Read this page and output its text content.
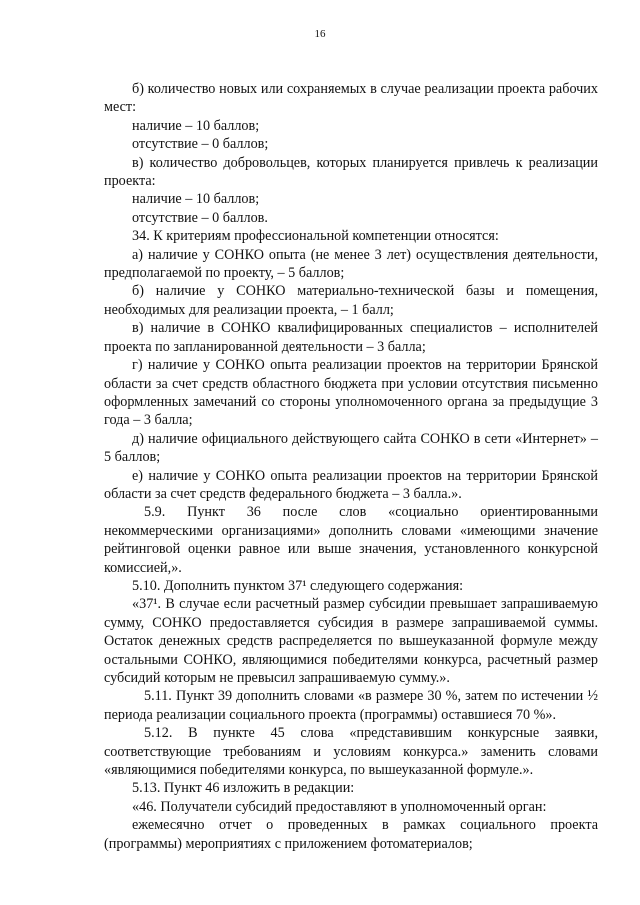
16

б) количество новых или сохраняемых в случае реализации проекта рабочих мест:

наличие – 10 баллов;

отсутствие – 0 баллов;

в) количество добровольцев, которых планируется привлечь к реализации проекта:

наличие – 10 баллов;

отсутствие – 0 баллов.

34. К критериям профессиональной компетенции относятся:

а) наличие у СОНКО опыта (не менее 3 лет) осуществления деятельности, предполагаемой по проекту, – 5 баллов;

б) наличие у СОНКО материально-технической базы и помещения, необходимых для реализации проекта, – 1 балл;

в) наличие в СОНКО квалифицированных специалистов – исполнителей проекта по запланированной деятельности – 3 балла;

г) наличие у СОНКО опыта реализации проектов на территории Брянской области за счет средств областного бюджета при условии отсутствия письменно оформленных замечаний со стороны уполномоченного органа за предыдущие 3 года – 3 балла;

д) наличие официального действующего сайта СОНКО в сети «Интернет» – 5 баллов;

е) наличие у СОНКО опыта реализации проектов на территории Брянской области за счет средств федерального бюджета – 3 балла.».

5.9. Пункт 36 после слов «социально ориентированными некоммерческими организациями» дополнить словами «имеющими значение рейтинговой оценки равное или выше значения, установленного конкурсной комиссией,».

5.10. Дополнить пунктом 37¹ следующего содержания:

«37¹. В случае если расчетный размер субсидии превышает запрашиваемую сумму, СОНКО предоставляется субсидия в размере запрашиваемой суммы. Остаток денежных средств распределяется по вышеуказанной формуле между остальными СОНКО, являющимися победителями конкурса, расчетный размер субсидий которым не превысил запрашиваемую сумму.».

5.11. Пункт 39 дополнить словами «в размере 30 %, затем по истечении ½ периода реализации социального проекта (программы) оставшиеся 70 %».

5.12. В пункте 45 слова «представившим конкурсные заявки, соответствующие требованиям и условиям конкурса.» заменить словами «являющимися победителями конкурса, по вышеуказанной формуле.».

5.13. Пункт 46 изложить в редакции:

«46. Получатели субсидий предоставляют в уполномоченный орган:

ежемесячно отчет о проведенных в рамках социального проекта (программы) мероприятиях с приложением фотоматериалов;
